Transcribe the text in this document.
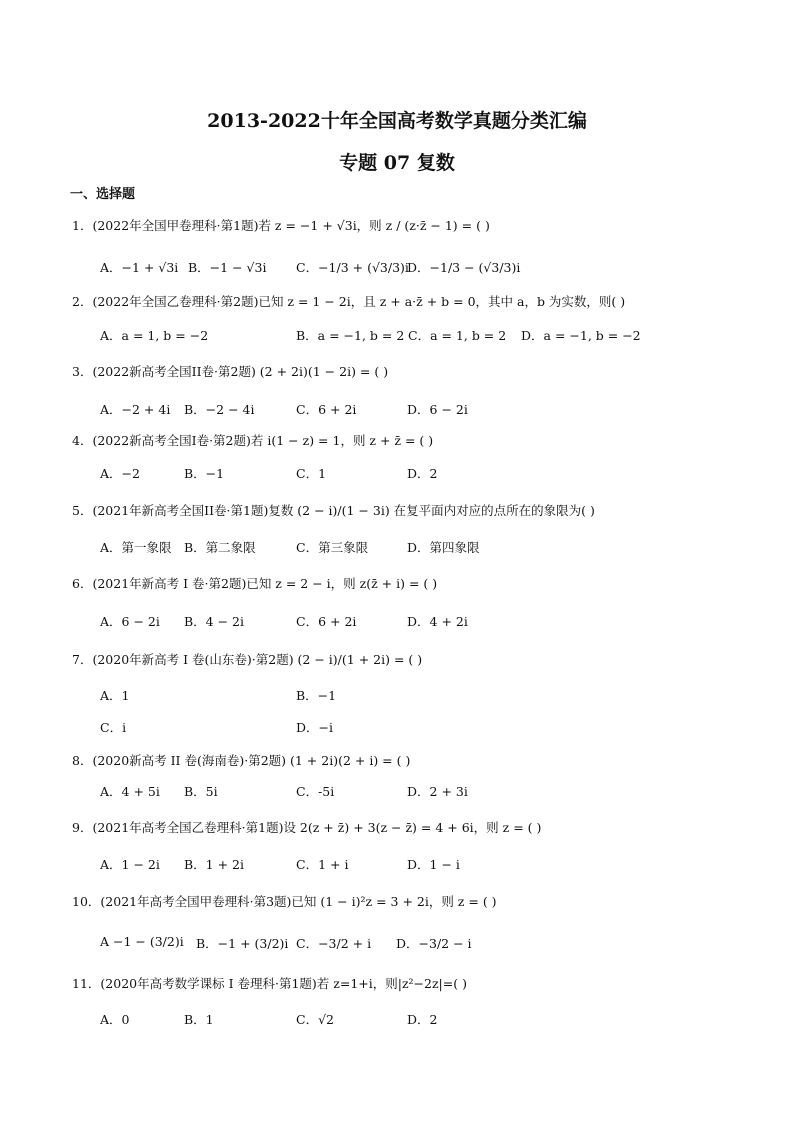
2013-2022十年全国高考数学真题分类汇编
专题 07 复数
一、选择题
1．(2022年全国甲卷理科·第1题)若 z = −1 + √3i，则 z / (z·z̄ − 1) = ( )
A．−1 + √3i B．−1 − √3i C．−1/3 + (√3/3)i
D．−1/3 − (√3/3)i
2．(2022年全国乙卷理科·第2题)已知 z = 1 − 2i，且 z + a·z̄ + b = 0，其中 a，b 为实数，则( )
A．a = 1, b = −2	B．a = −1, b = 2 C．a = 1, b = 2 D．a = −1, b = −2
3．(2022新高考全国II卷·第2题) (2 + 2i)(1 − 2i) = ( )
A．−2 + 4i B．−2 − 4i	C．6 + 2i	D．6 − 2i
4．(2022新高考全国I卷·第2题)若 i(1 − z) = 1，则 z + z̄ = ( )
A．−2	B．−1	C．1	D．2
5．(2021年新高考全国II卷·第1题)复数 (2 − i)/(1 − 3i) 在复平面内对应的点所在的象限为( )
A．第一象限 B．第二象限	C．第三象限	D．第四象限
6．(2021年新高考 I 卷·第2题)已知 z = 2 − i，则 z(z̄ + i) = ( )
A．6 − 2i B．4 − 2i	C．6 + 2i	D．4 + 2i
7．(2020年新高考 I 卷(山东卷)·第2题) (2 − i)/(1 + 2i) = ( )
A．1	B．−1
C．i	D．−i
8．(2020新高考 II 卷(海南卷)·第2题) (1 + 2i)(2 + i) = ( )
A．4 + 5i B．5i	C．-5i	D．2 + 3i
9．(2021年高考全国乙卷理科·第1题)设 2(z + z̄) + 3(z − z̄) = 4 + 6i，则 z = ( )
A．1 − 2i B．1 + 2i	C．1 + i	D．1 − i
10．(2021年高考全国甲卷理科·第3题)已知 (1 − i)²z = 3 + 2i，则 z = ( )
A −1 − (3/2)i B．−1 + (3/2)i C．−3/2 + i D．−3/2 − i
11．(2020年高考数学课标 I 卷理科·第1题)若 z=1+i，则|z²−2z|=( )
A．0	B．1	C．√2	D．2
